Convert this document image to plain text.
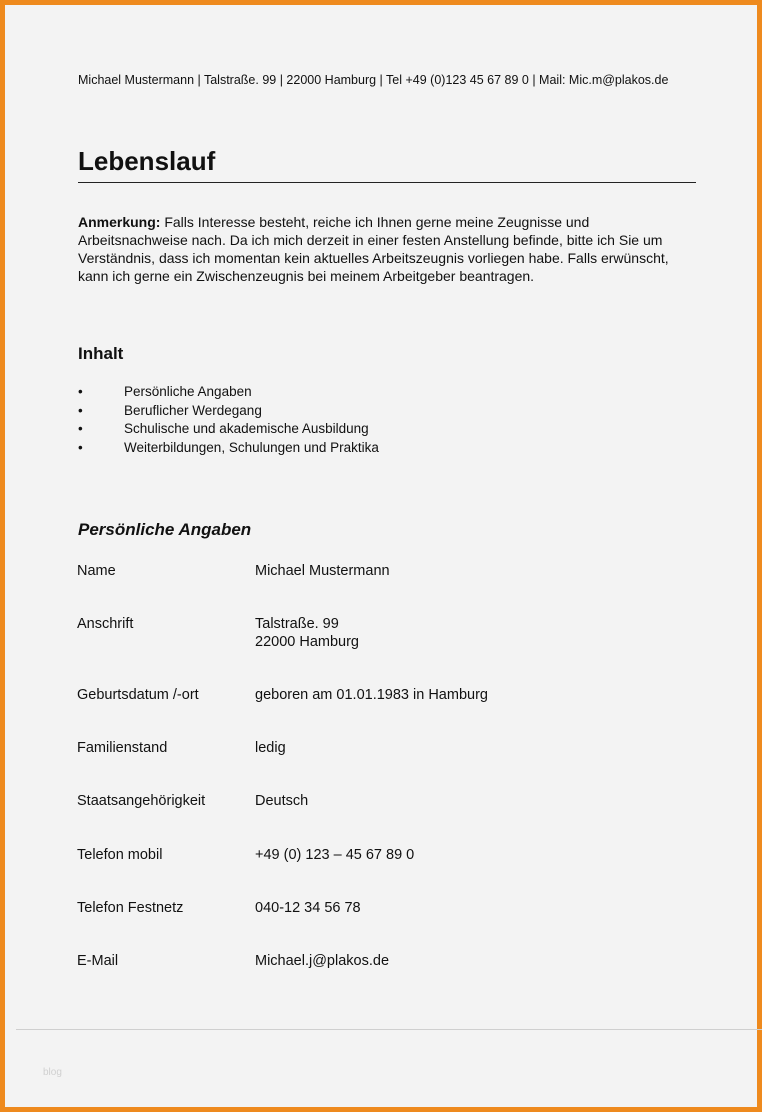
Michael Mustermann | Talstraße. 99 | 22000 Hamburg | Tel +49 (0)123 45 67 89 0 | Mail: Mic.m@plakos.de
Lebenslauf

Anmerkung: Falls Interesse besteht, reiche ich Ihnen gerne meine Zeugnisse und Arbeitsnachweise nach. Da ich mich derzeit in einer festen Anstellung befinde, bitte ich Sie um Verständnis, dass ich momentan kein aktuelles Arbeitszeugnis vorliegen habe. Falls erwünscht, kann ich gerne ein Zwischenzeugnis bei meinem Arbeitgeber beantragen.

Inhalt
•	Persönliche Angaben
•	Beruflicher Werdegang
•	Schulische und akademische Ausbildung
•	Weiterbildungen, Schulungen und Praktika
Persönliche Angaben
Name	Michael Mustermann
Anschrift	Talstraße. 99
22000 Hamburg
Geburtsdatum /-ort	geboren am 01.01.1983 in Hamburg
Familienstand	ledig
Staatsangehörigkeit	Deutsch
Telefon mobil	+49 (0) 123 – 45 67 89 0
Telefon Festnetz	040-12 34 56 78
E-Mail	Michael.j@plakos.de
blog
